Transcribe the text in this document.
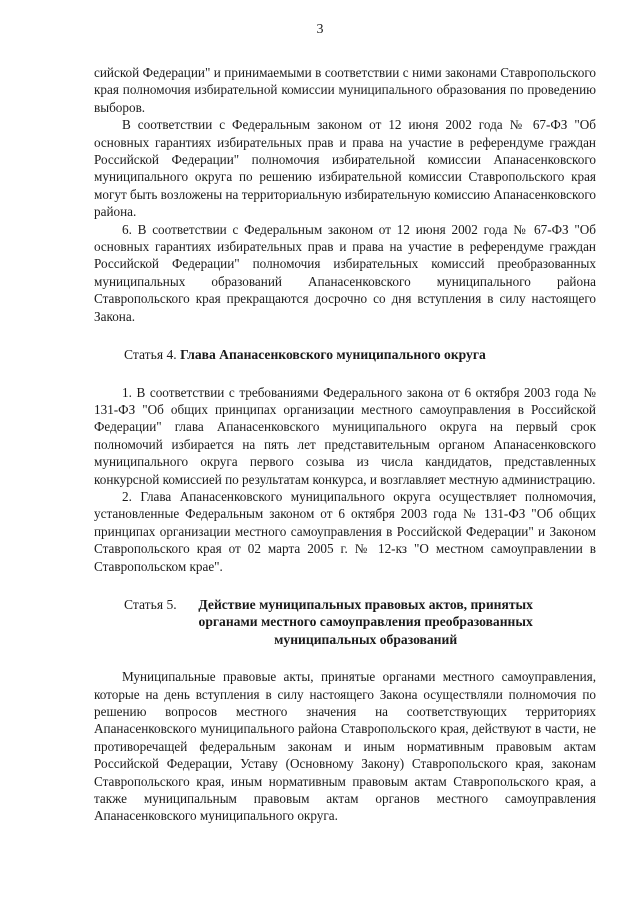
3

сийской Федерации" и принимаемыми в соответствии с ними законами Ставропольского края полномочия избирательной комиссии муниципального образования по проведению выборов.

В соответствии с Федеральным законом от 12 июня 2002 года № 67-ФЗ "Об основных гарантиях избирательных прав и права на участие в референдуме граждан Российской Федерации" полномочия избирательной комиссии Апанасенковского муниципального округа по решению избирательной комиссии Ставропольского края могут быть возложены на территориальную избирательную комиссию Апанасенковского района.

6. В соответствии с Федеральным законом от 12 июня 2002 года № 67-ФЗ "Об основных гарантиях избирательных прав и права на участие в референдуме граждан Российской Федерации" полномочия избирательных комиссий преобразованных муниципальных образований Апанасенковского муниципального района Ставропольского края прекращаются досрочно со дня вступления в силу настоящего Закона.

Статья 4. Глава Апанасенковского муниципального округа

1. В соответствии с требованиями Федерального закона от 6 октября 2003 года № 131-ФЗ "Об общих принципах организации местного самоуправления в Российской Федерации" глава Апанасенковского муниципального округа на первый срок полномочий избирается на пять лет представительным органом Апанасенковского муниципального округа первого созыва из числа кандидатов, представленных конкурсной комиссией по результатам конкурса, и возглавляет местную администрацию.

2. Глава Апанасенковского муниципального округа осуществляет полномочия, установленные Федеральным законом от 6 октября 2003 года № 131-ФЗ "Об общих принципах организации местного самоуправления в Российской Федерации" и Законом Ставропольского края от 02 марта 2005 г. № 12-кз "О местном самоуправлении в Ставропольском крае".

Статья 5.	Действие муниципальных правовых актов, принятых органами местного самоуправления преобразованных муниципальных образований

Муниципальные правовые акты, принятые органами местного самоуправления, которые на день вступления в силу настоящего Закона осуществляли полномочия по решению вопросов местного значения на соответствующих территориях Апанасенковского муниципального района Ставропольского края, действуют в части, не противоречащей федеральным законам и иным нормативным правовым актам Российской Федерации, Уставу (Основному Закону) Ставропольского края, законам Ставропольского края, иным нормативным правовым актам Ставропольского края, а также муниципальным правовым актам органов местного самоуправления Апанасенковского муниципального округа.
